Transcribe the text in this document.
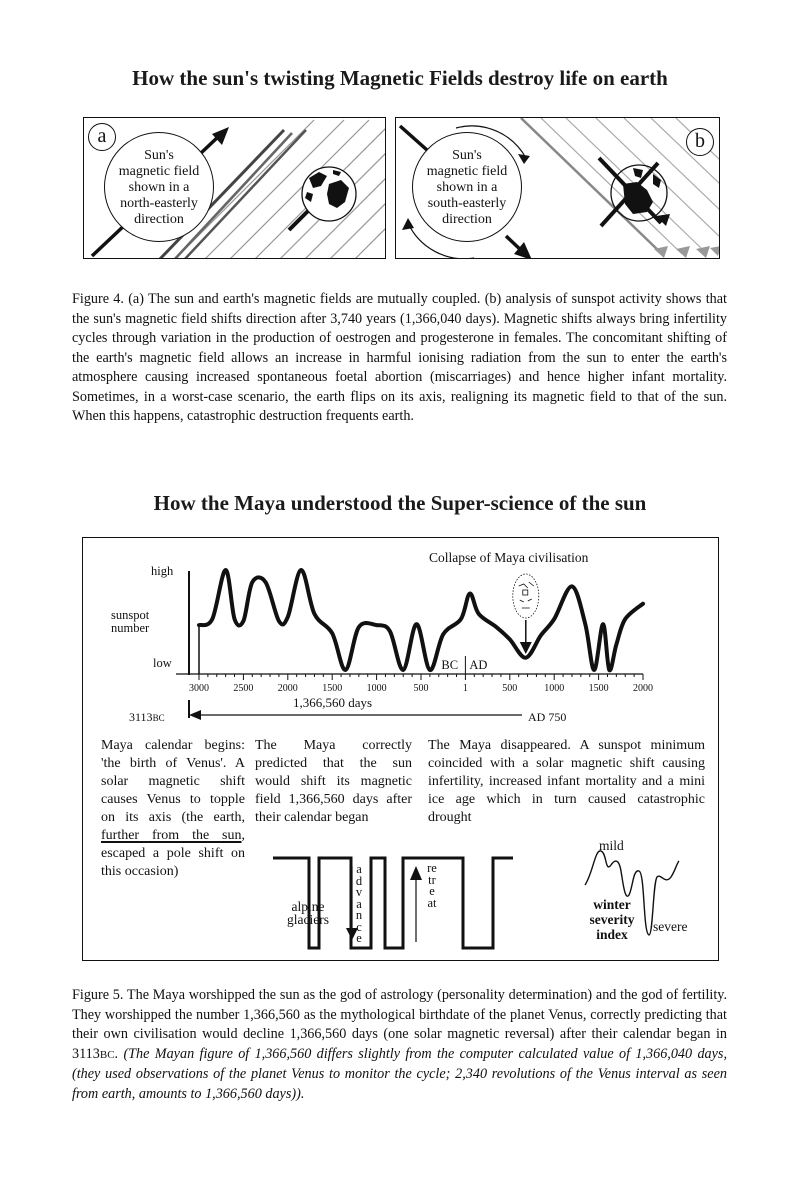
How the sun's twisting Magnetic Fields destroy life on earth
a
Sun's
magnetic field
shown in a
north-easterly
direction
b
Sun's
magnetic field
shown in a
south-easterly
direction
Figure 4. (a) The sun and earth's magnetic fields are mutually coupled. (b) analysis of sunspot activity shows that the sun's magnetic field shifts direction after 3,740 years (1,366,040 days). Magnetic shifts always bring infertility cycles through variation in the production of oestrogen and progesterone in females. The concomitant shifting of the earth's magnetic field allows an increase in harmful ionising radiation from the sun to enter the earth's atmosphere causing increased spontaneous foetal abortion (miscarriages) and hence higher infant mortality. Sometimes, in a worst-case scenario, the earth flips on its axis, realigning its magnetic field to that of the sun. When this happens, catastrophic destruction frequents earth.
How the Maya understood the Super-science of the sun
high
sunspot
number
low	BC AD
Collapse of Maya civilisation
3000 2500 2000 1500 1000	500	1	500	1000 1500 2000
1,366,560 days
3113BC	AD 750
Maya calendar begins: 'the birth of Venus'. A solar magnetic shift causes Venus to topple on its axis (the earth, further from the sun, escaped a pole shift on this occasion)
The Maya correctly predicted that the sun would shift its magnetic field 1,366,560 days after their calendar began
The Maya disappeared. A sunspot minimum coincided with a solar magnetic shift causing infertility, increased infant mortality and a mini ice age which in turn caused catastrophic drought
alpine
glaciers
advance
retreat
mild
severe
winter
severity
index
Figure 5. The Maya worshipped the sun as the god of astrology (personality determination) and the god of fertility. They worshipped the number 1,366,560 as the mythological birthdate of the planet Venus, correctly predicting that their own civilisation would decline 1,366,560 days (one solar magnetic reversal) after their calendar began in 3113BC. (The Mayan figure of 1,366,560 differs slightly from the computer calculated value of 1,366,040 days, (they used observations of the planet Venus to monitor the cycle; 2,340 revolutions of the Venus interval as seen from earth, amounts to 1,366,560 days)).
